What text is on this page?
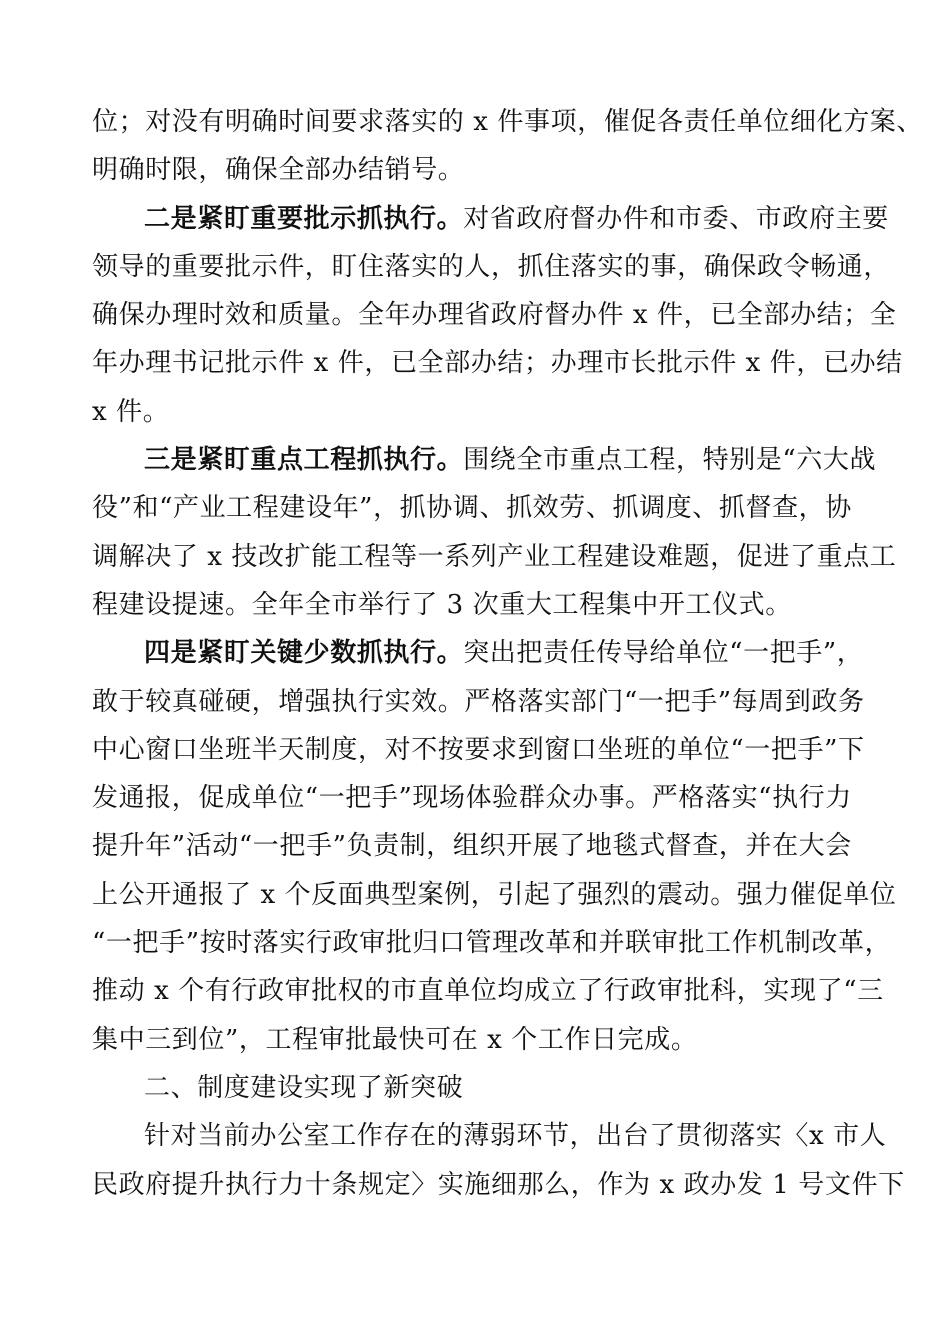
位；对没有明确时间要求落实的 x 件事项，催促各责任单位细化方案、
明确时限，确保全部办结销号。
二是紧盯重要批示抓执行。对省政府督办件和市委、市政府主要
领导的重要批示件，盯住落实的人，抓住落实的事，确保政令畅通，
确保办理时效和质量。全年办理省政府督办件 x 件，已全部办结；全
年办理书记批示件 x 件，已全部办结；办理市长批示件 x 件，已办结
x 件。
三是紧盯重点工程抓执行。围绕全市重点工程，特别是“六大战
役”和“产业工程建设年”，抓协调、抓效劳、抓调度、抓督查，协
调解决了 x 技改扩能工程等一系列产业工程建设难题，促进了重点工
程建设提速。全年全市举行了 3 次重大工程集中开工仪式。
四是紧盯关键少数抓执行。突出把责任传导给单位“一把手”，
敢于较真碰硬，增强执行实效。严格落实部门“一把手”每周到政务
中心窗口坐班半天制度，对不按要求到窗口坐班的单位“一把手”下
发通报，促成单位“一把手”现场体验群众办事。严格落实“执行力
提升年”活动“一把手”负责制，组织开展了地毯式督查，并在大会
上公开通报了 x 个反面典型案例，引起了强烈的震动。强力催促单位
“一把手”按时落实行政审批归口管理改革和并联审批工作机制改革，
推动 x 个有行政审批权的市直单位均成立了行政审批科，实现了“三
集中三到位”，工程审批最快可在 x 个工作日完成。
二、制度建设实现了新突破
针对当前办公室工作存在的薄弱环节，出台了贯彻落实〈x 市人
民政府提升执行力十条规定〉实施细那么，作为 x 政办发 1 号文件下
